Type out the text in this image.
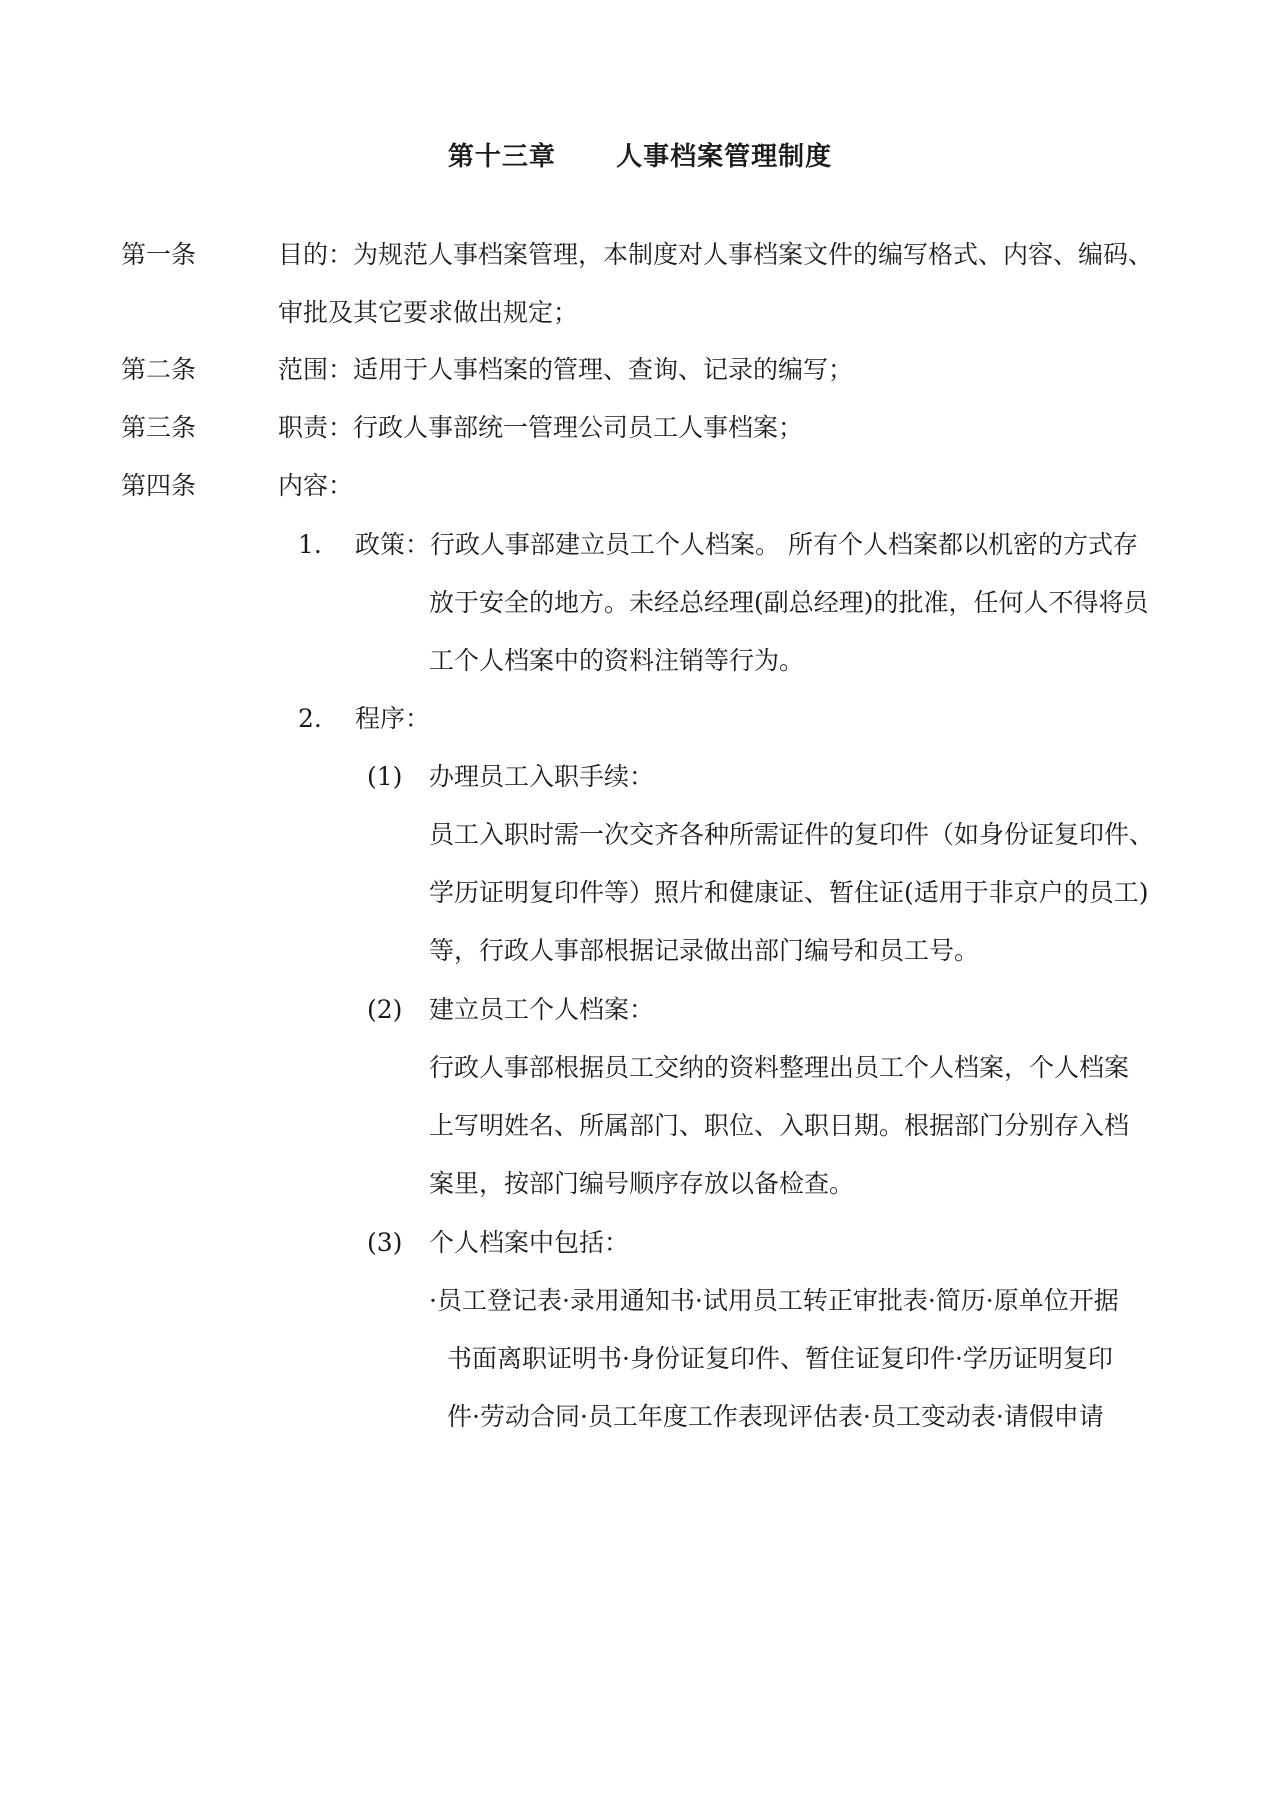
第十三章      人事档案管理制度
第一条	目的：为规范人事档案管理，本制度对人事档案文件的编写格式、内容、编码、
审批及其它要求做出规定；
第二条	范围：适用于人事档案的管理、查询、记录的编写；
第三条	职责：行政人事部统一管理公司员工人事档案；
第四条	内容：
1. 政策：行政人事部建立员工个人档案。 所有个人档案都以机密的方式存
放于安全的地方。未经总经理(副总经理)的批准，任何人不得将员
工个人档案中的资料注销等行为。
2. 程序：
(1) 办理员工入职手续：
员工入职时需一次交齐各种所需证件的复印件（如身份证复印件、
学历证明复印件等）照片和健康证、暂住证(适用于非京户的员工)
等，行政人事部根据记录做出部门编号和员工号。
(2) 建立员工个人档案：
行政人事部根据员工交纳的资料整理出员工个人档案，个人档案
上写明姓名、所属部门、职位、入职日期。根据部门分别存入档
案里，按部门编号顺序存放以备检查。
(3) 个人档案中包括：
·员工登记表·录用通知书·试用员工转正审批表·简历·原单位开据
书面离职证明书·身份证复印件、暂住证复印件·学历证明复印
件·劳动合同·员工年度工作表现评估表·员工变动表·请假申请
